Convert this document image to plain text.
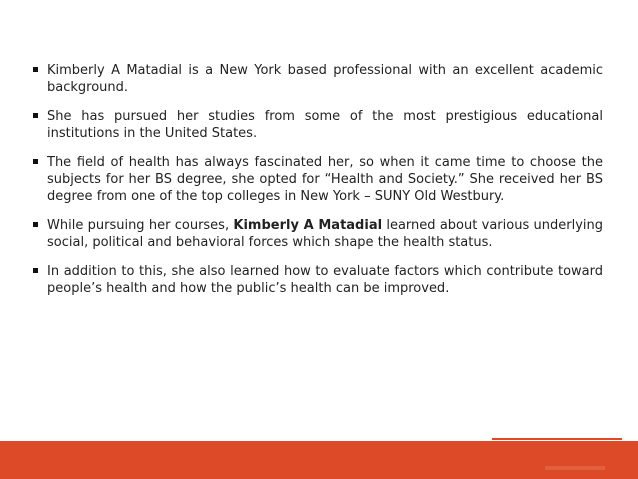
Kimberly A Matadial is a New York based professional with an excellent academic background.
She has pursued her studies from some of the most prestigious educational institutions in the United States.
The field of health has always fascinated her, so when it came time to choose the subjects for her BS degree, she opted for “Health and Society.” She received her BS degree from one of the top colleges in New York – SUNY Old Westbury.
While pursuing her courses, Kimberly A Matadial learned about various underlying social, political and behavioral forces which shape the health status.
In addition to this, she also learned how to evaluate factors which contribute toward people’s health and how the public’s health can be improved.
